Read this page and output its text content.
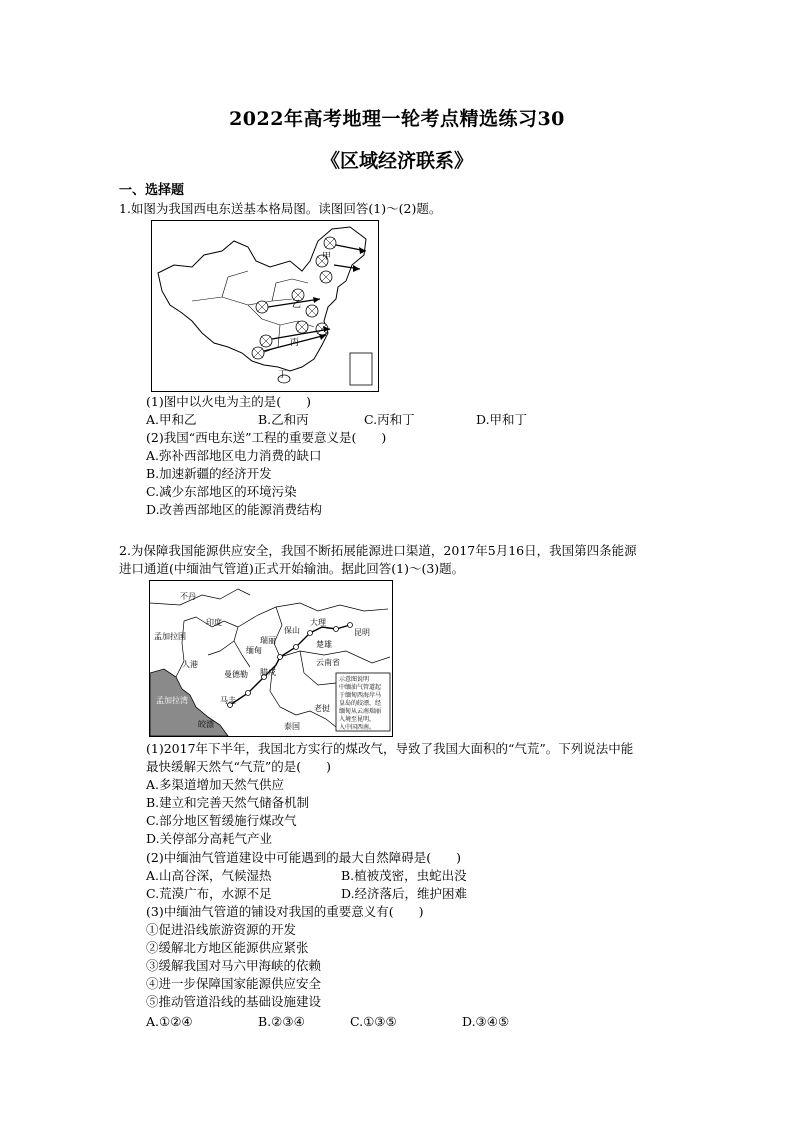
2022年高考地理一轮考点精选练习30
《区域经济联系》
一、选择题
1.如图为我国西电东送基本格局图。读图回答(1)～(2)题。
甲
乙
丙
丁
(1)图中以火电为主的是(　　)
A.甲和乙	B.乙和丙	C.丙和丁	D.甲和丁
(2)我国“西电东送”工程的重要意义是(　　)
A.弥补西部地区电力消费的缺口
B.加速新疆的经济开发
C.减少东部地区的环境污染
D.改善西部地区的能源消费结构
2.为保障我国能源供应安全，我国不断拓展能源进口渠道，2017年5月16日，我国第四条能源
进口通道(中缅油气管道)正式开始输油。据此回答(1)～(3)题。
示意图说明
中缅油气管道起
于缅甸西海岸马
皇岛的皎漂，经
缅甸从云南瑞丽
入境至昆明，
入中国西南。
不丹
印度
孟加拉国
孟加拉湾
缅甸
瑞丽
保山
大理
楚雄
昆明
云南省
曼德勒 腊戍
马圭
皎漂
人港
老挝
泰国
(1)2017年下半年，我国北方实行的煤改气，导致了我国大面积的“气荒”。下列说法中能
最快缓解天然气“气荒”的是(　　)
A.多渠道增加天然气供应
B.建立和完善天然气储备机制
C.部分地区暂缓施行煤改气
D.关停部分高耗气产业
(2)中缅油气管道建设中可能遇到的最大自然障碍是(　　)
A.山高谷深，气候湿热	B.植被茂密，虫蛇出没
C.荒漠广布，水源不足	D.经济落后，维护困难
(3)中缅油气管道的铺设对我国的重要意义有(　　)
①促进沿线旅游资源的开发
②缓解北方地区能源供应紧张
③缓解我国对马六甲海峡的依赖
④进一步保障国家能源供应安全
⑤推动管道沿线的基础设施建设
A.①②④	B.②③④	C.①③⑤	D.③④⑤
